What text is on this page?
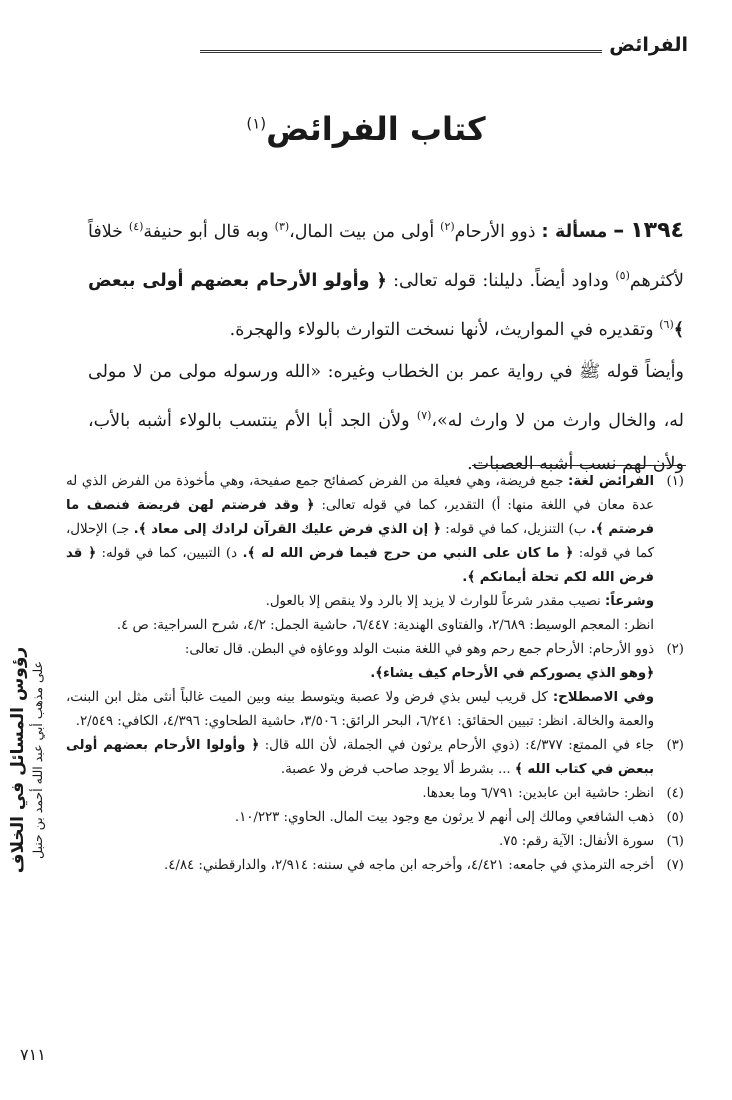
الفرائض
كتاب الفرائض$^{(١)}$

١٣٩٤ – مسألة : ذوو الأرحام$^{(٢)}$ أولى من بيت المال،$^{(٣)}$ وبه قال أبو حنيفة$^{(٤)}$ خلافاً لأكثرهم$^{(٥)}$ وداود أيضاً. دليلنا: قوله تعالى: ﴿ وأولو الأرحام بعضهم أولى ببعض ﴾$^{(٦)}$ وتقديره في المواريث، لأنها نسخت التوارث بالولاء والهجرة.

وأيضاً قوله ﷺ في رواية عمر بن الخطاب وغيره: «الله ورسوله مولى من لا مولى له، والخال وارث من لا وارث له»،$^{(٧)}$ ولأن الجد أبا الأم ينتسب بالولاء أشبه بالأب، ولأن لهم نسب أشبه العصبات.

(١)
الفرائض لغة: جمع فريضة، وهي فعيلة من الفرض كصفائح جمع صفيحة، وهي مأخوذة من الفرض الذي له عدة معان في اللغة منها: أ) التقدير، كما في قوله تعالى: ﴿ وقد فرضتم لهن فريضة فنصف ما فرضتم ﴾. ب) التنزيل، كما في قوله: ﴿ إن الذي فرض عليك القرآن لرادك إلى معاد ﴾. جـ) الإحلال، كما في قوله: ﴿ ما كان على النبي من حرج فيما فرض الله له ﴾. د) التبيين، كما في قوله: ﴿ قد فرض الله لكم تحلة أيمانكم ﴾.
وشرعاً: نصيب مقدر شرعاً للوارث لا يزيد إلا بالرد ولا ينقص إلا بالعول.
انظر: المعجم الوسيط: ٢/٦٨٩، والفتاوى الهندية: ٦/٤٤٧، حاشية الجمل: ٤/٢، شرح السراجية: ص ٤.
(٢)
ذوو الأرحام: الأرحام جمع رحم وهو في اللغة منبت الولد ووعاؤه في البطن. قال تعالى:
﴿وهو الذي يصوركم في الأرحام كيف يشاء﴾.
وفي الاصطلاح: كل قريب ليس بذي فرض ولا عصبة ويتوسط بينه وبين الميت غالباً أنثى مثل ابن البنت، والعمة والخالة. انظر: تبيين الحقائق: ٦/٢٤١، البحر الرائق: ٣/٥٠٦، حاشية الطحاوي: ٤/٣٩٦، الكافي: ٢/٥٤٩.
(٣)
جاء في الممتع: ٤/٣٧٧: (ذوي الأرحام يرثون في الجملة، لأن الله قال: ﴿ وأولوا الأرحام بعضهم أولى ببعض في كتاب الله ﴾ ... بشرط ألا يوجد صاحب فرض ولا عصبة.
(٤)
انظر: حاشية ابن عابدين: ٦/٧٩١ وما بعدها.
(٥)
ذهب الشافعي ومالك إلى أنهم لا يرثون مع وجود بيت المال. الحاوي: ١٠/٢٢٣.
(٦)
سورة الأنفال: الآية رقم: ٧٥.
(٧)
أخرجه الترمذي في جامعه: ٤/٤٢١، وأخرجه ابن ماجه في سننه: ٢/٩١٤، والدارقطني: ٤/٨٤.
رؤوس المسائل في الخلاف على مذهب أبي عبد الله أحمد بن حنبل
٧١١
